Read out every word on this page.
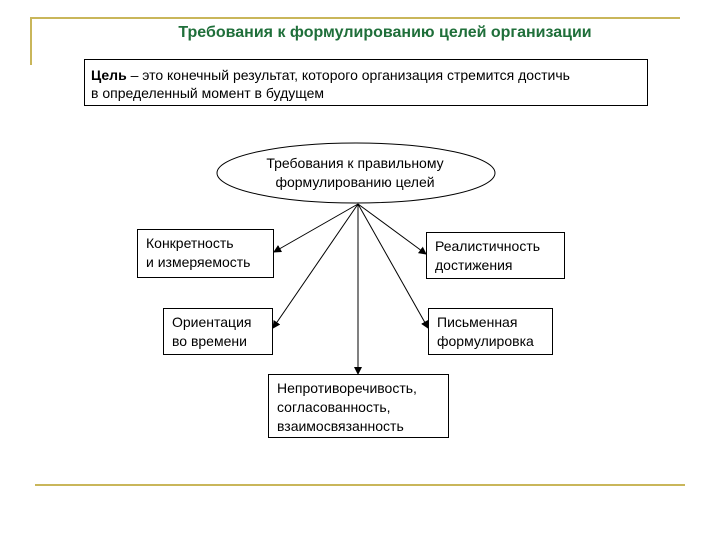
Требования к формулированию целей организации
Цель – это конечный результат, которого организация стремится достичь
в определенный момент в будущем
Требования к правильному
формулированию целей
Конкретность
и измеряемость
Реалистичность
достижения
Ориентация
во времени
Письменная
формулировка
Непротиворечивость,
согласованность,
взаимосвязанность
